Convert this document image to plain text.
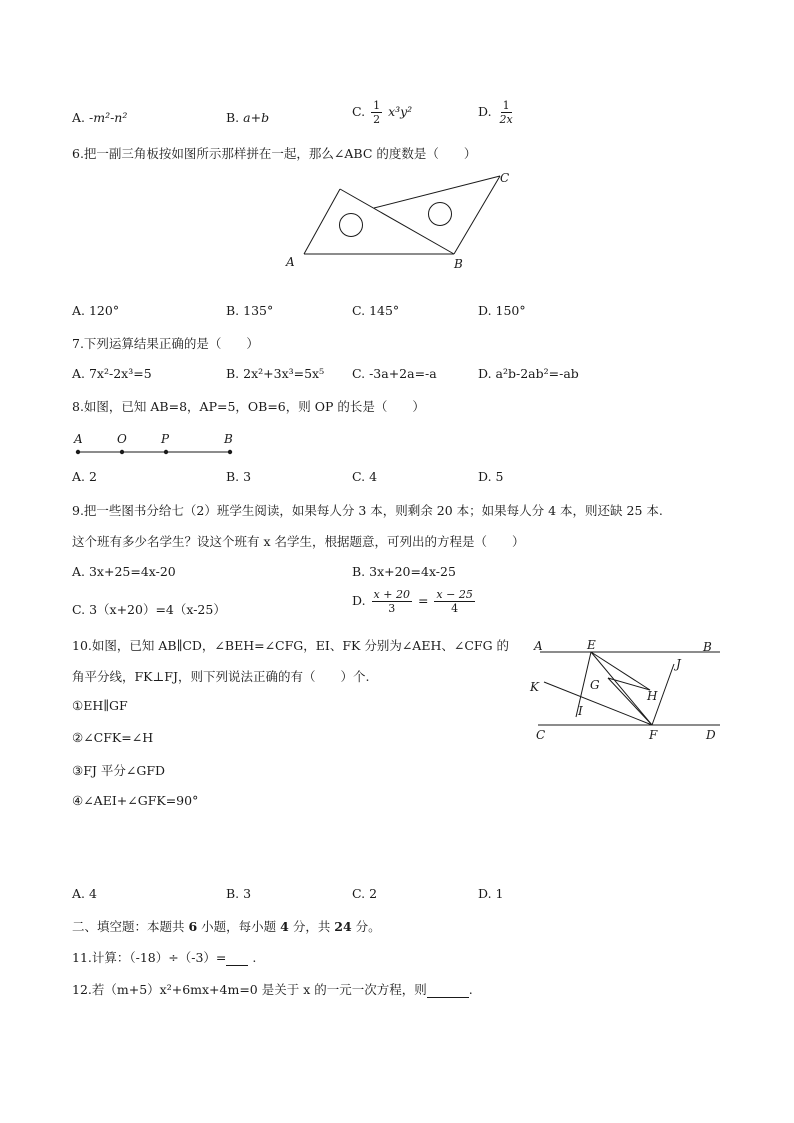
A. -m²-n²	B. a+b	C. $\frac{1}{2} x^3y^2$	D. $\frac{1}{2x}$
6.把一副三角板按如图所示那样拼在一起，那么∠ABC 的度数是（　　）
A	B
C
A. 120°	B. 135°	C. 145°	D. 150°
7.下列运算结果正确的是（　　）
A. 7x²-2x³=5	B. 2x²+3x³=5x⁵ C. -3a+2a=-a	D. a²b-2ab²=-ab
8.如图，已知 AB=8，AP=5，OB=6，则 OP 的长是（　　）
A	O	P	B
A. 2	B. 3	C. 4	D. 5
9.把一些图书分给七（2）班学生阅读，如果每人分 3 本，则剩余 20 本；如果每人分 4 本，则还缺 25 本.
这个班有多少名学生？设这个班有 x 名学生，根据题意，可列出的方程是（　　）
A. 3x+25=4x-20	B. 3x+20=4x-25
C. 3（x+20）=4（x-25）
D. $\frac{x + 20}{3} = \frac{x - 25}{4}$
10.如图，已知 AB∥CD，∠BEH=∠CFG，EI、FK 分别为∠AEH、∠CFG 的
角平分线，FK⊥FJ，则下列说法正确的有（　　）个.
①EH∥GF
②∠CFK=∠H
③FJ 平分∠GFD
④∠AEI+∠GFK=90°
A	E	B
J
K	G
H
I
C	F	D
A. 4	B. 3	C. 2	D. 1
二、填空题：本题共 6 小题，每小题 4 分，共 24 分。
11.计算：（-18）÷（-3）= .
12.若（m+5）x²+6mx+4m=0 是关于 x 的一元一次方程，则	.
